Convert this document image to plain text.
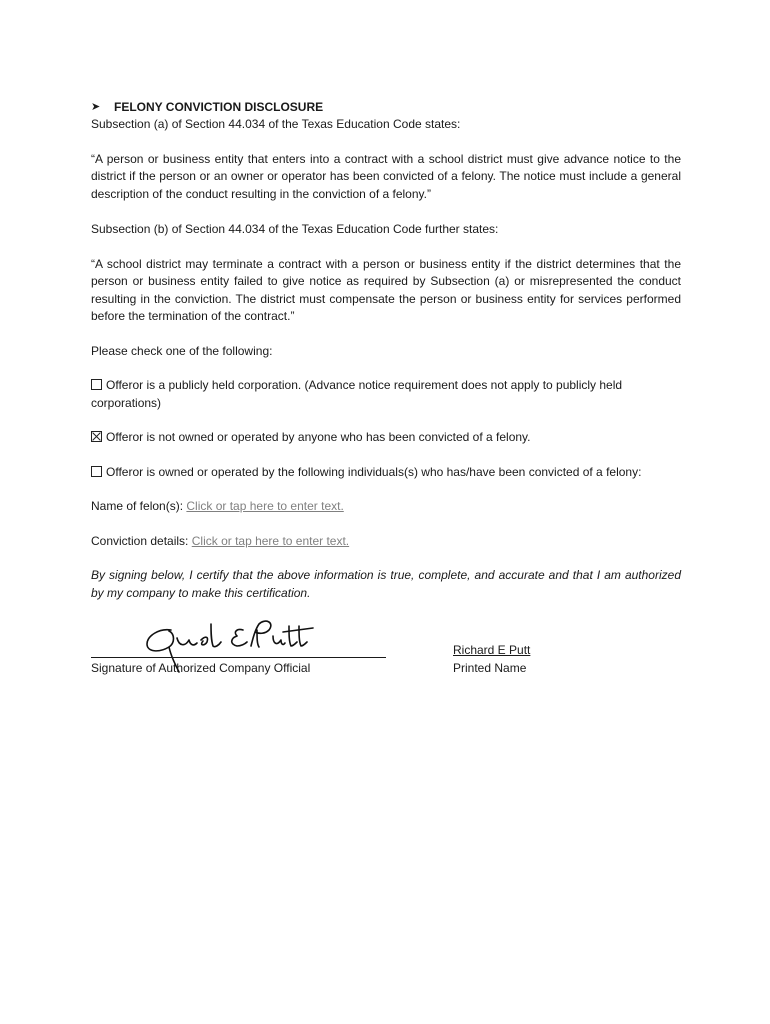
➤	FELONY CONVICTION DISCLOSURE

Subsection (a) of Section 44.034 of the Texas Education Code states:

“A person or business entity that enters into a contract with a school district must give advance notice to the district if the person or an owner or operator has been convicted of a felony. The notice must include a general description of the conduct resulting in the conviction of a felony.”

Subsection (b) of Section 44.034 of the Texas Education Code further states:

“A school district may terminate a contract with a person or business entity if the district determines that the person or business entity failed to give notice as required by Subsection (a) or misrepresented the conduct resulting in the conviction. The district must compensate the person or business entity for services performed before the termination of the contract.”

Please check one of the following:

Offeror is a publicly held corporation. (Advance notice requirement does not apply to publicly held corporations)
Offeror is not owned or operated by anyone who has been convicted of a felony.
Offeror is owned or operated by the following individuals(s) who has/have been convicted of a felony:

Name of felon(s): Click or tap here to enter text.

Conviction details: Click or tap here to enter text.

By signing below, I certify that the above information is true, complete, and accurate and that I am authorized by my company to make this certification.

Signature of Authorized Company Official
Richard E Putt
Printed Name
